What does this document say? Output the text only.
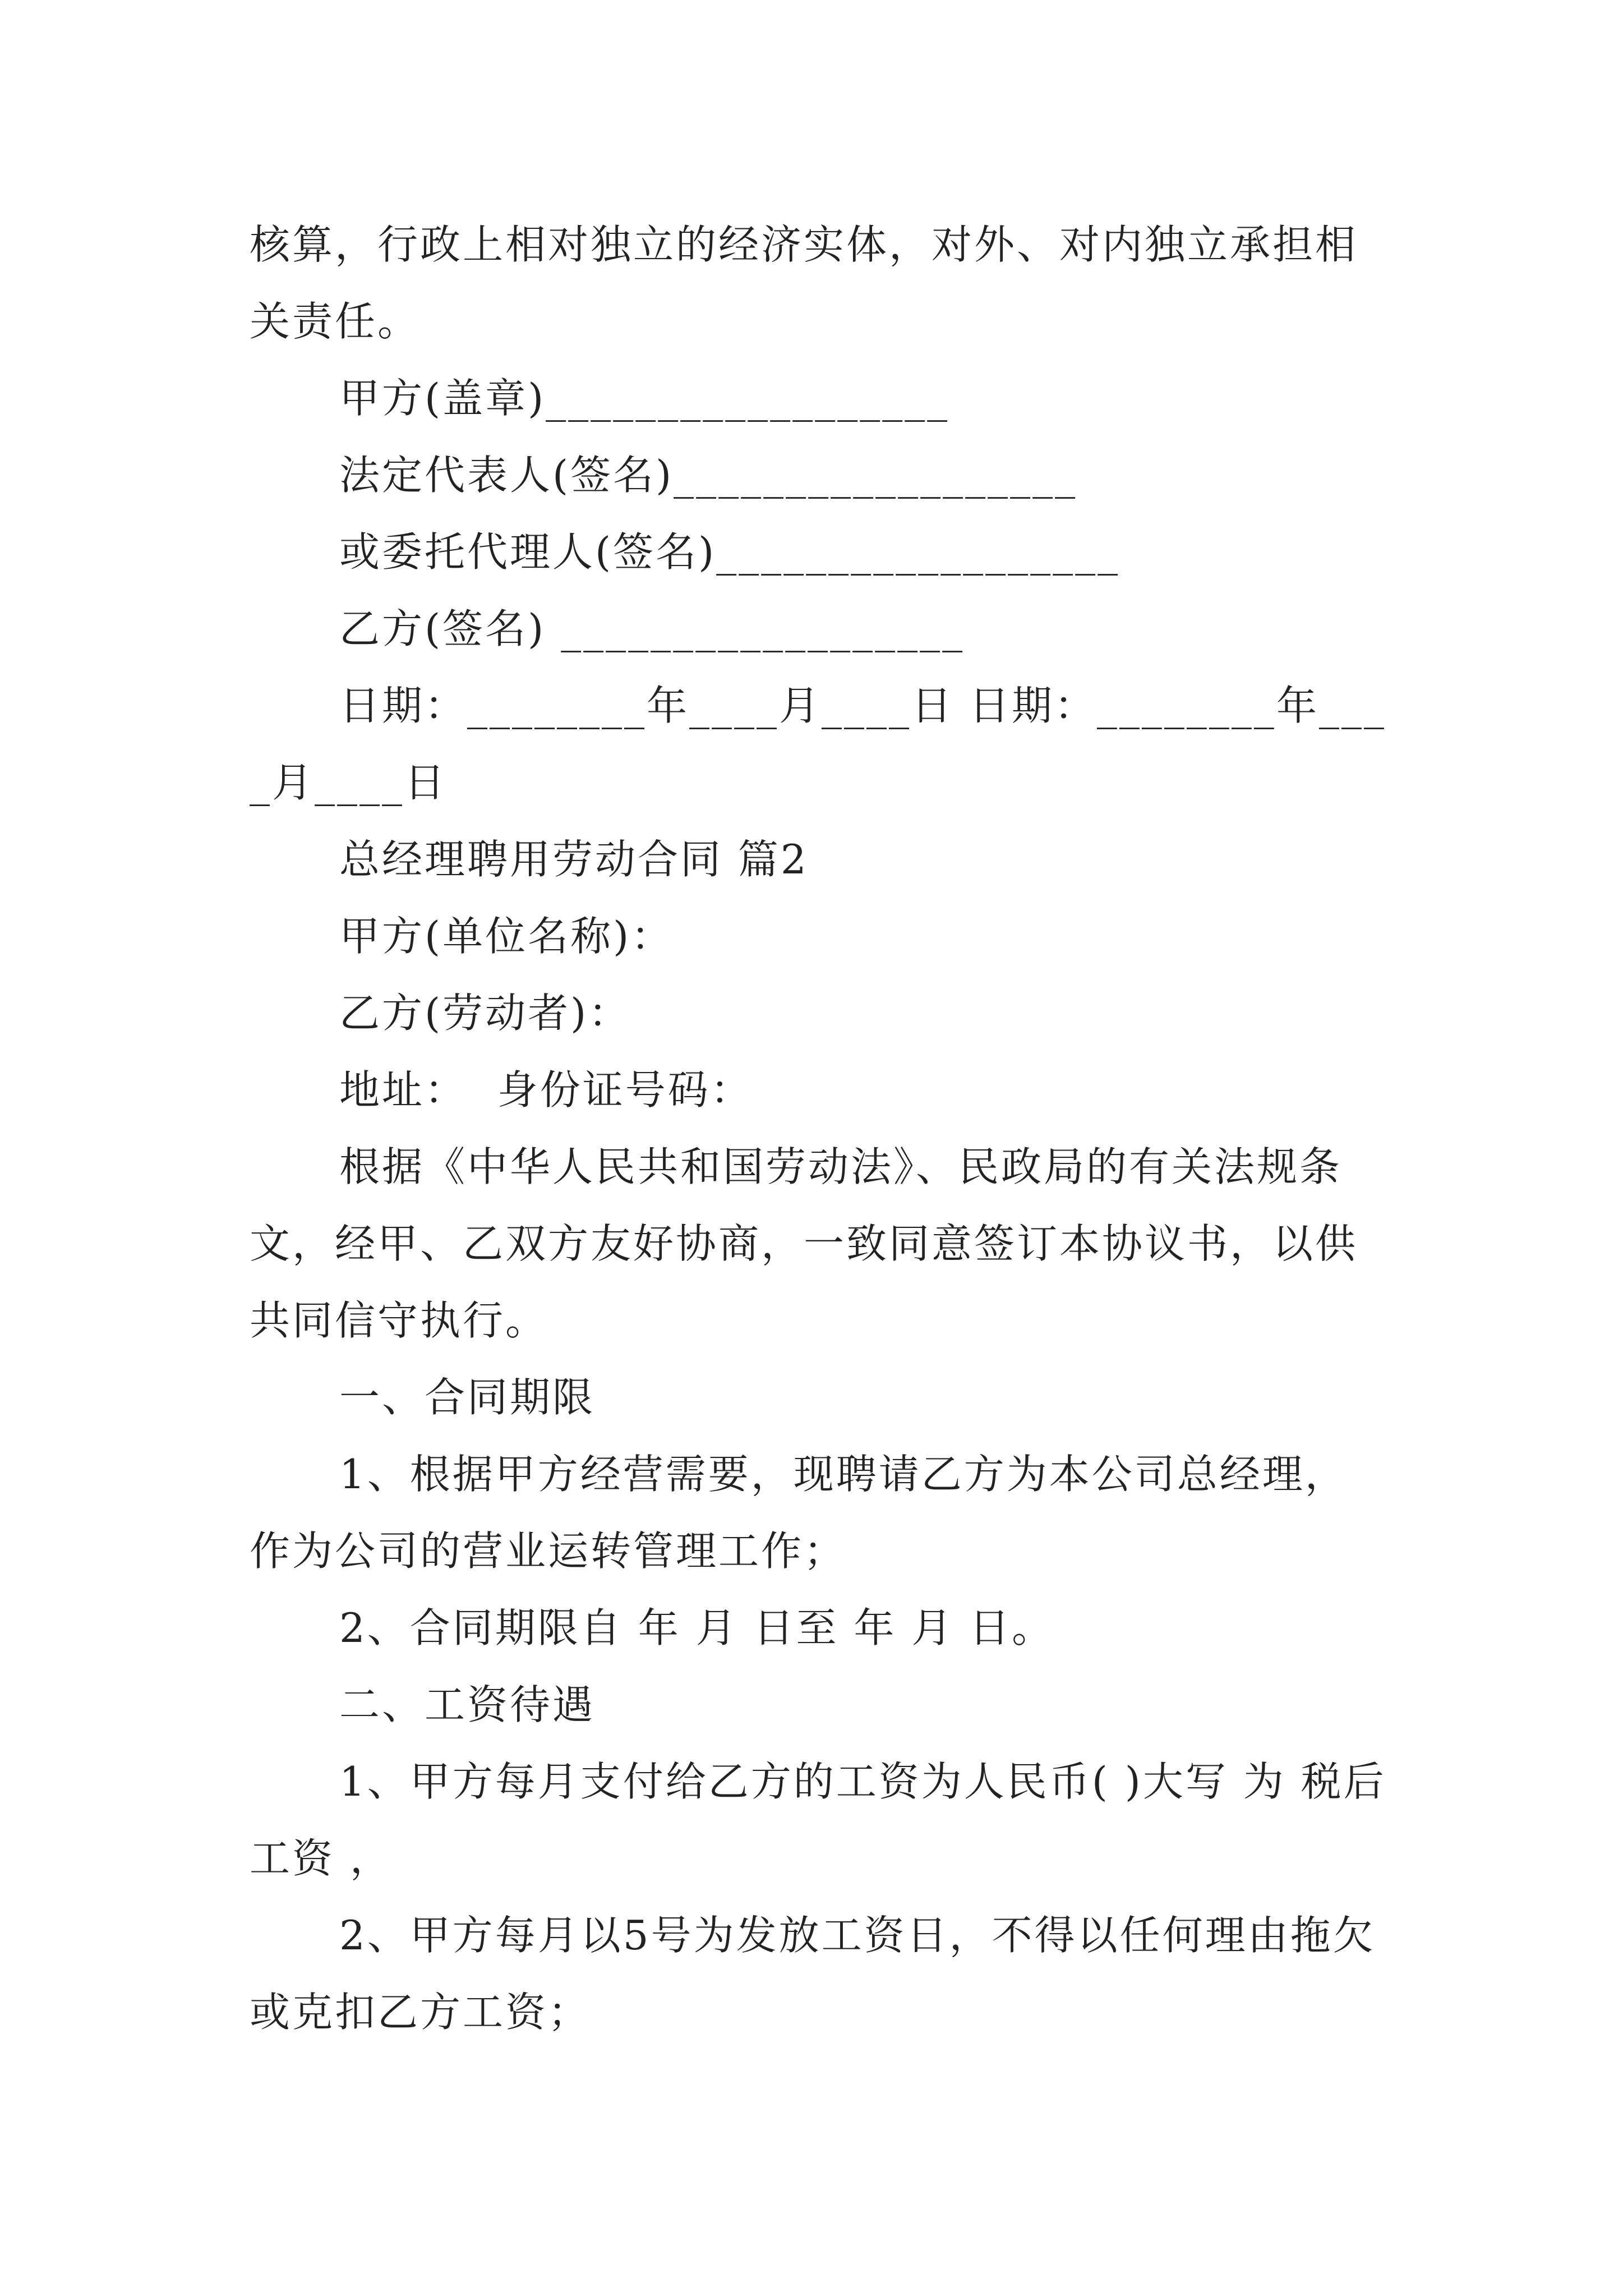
核算，行政上相对独立的经济实体，对外、对内独立承担相关责任。

甲方(盖章)__________________

法定代表人(签名)__________________

或委托代理人(签名)__________________

乙方(签名) __________________

日期：________年____月____日 日期：________年____月____日

总经理聘用劳动合同 篇2

甲方(单位名称)：

乙方(劳动者)：

地址：  身份证号码：

根据《中华人民共和国劳动法》、民政局的有关法规条文，经甲、乙双方友好协商，一致同意签订本协议书，以供共同信守执行。

一、合同期限

1、根据甲方经营需要，现聘请乙方为本公司总经理，作为公司的营业运转管理工作；

2、合同期限自 年 月 日至 年 月 日。

二、工资待遇

1、甲方每月支付给乙方的工资为人民币( )大写 为 税后工资 ，

2、甲方每月以5号为发放工资日，不得以任何理由拖欠或克扣乙方工资；
